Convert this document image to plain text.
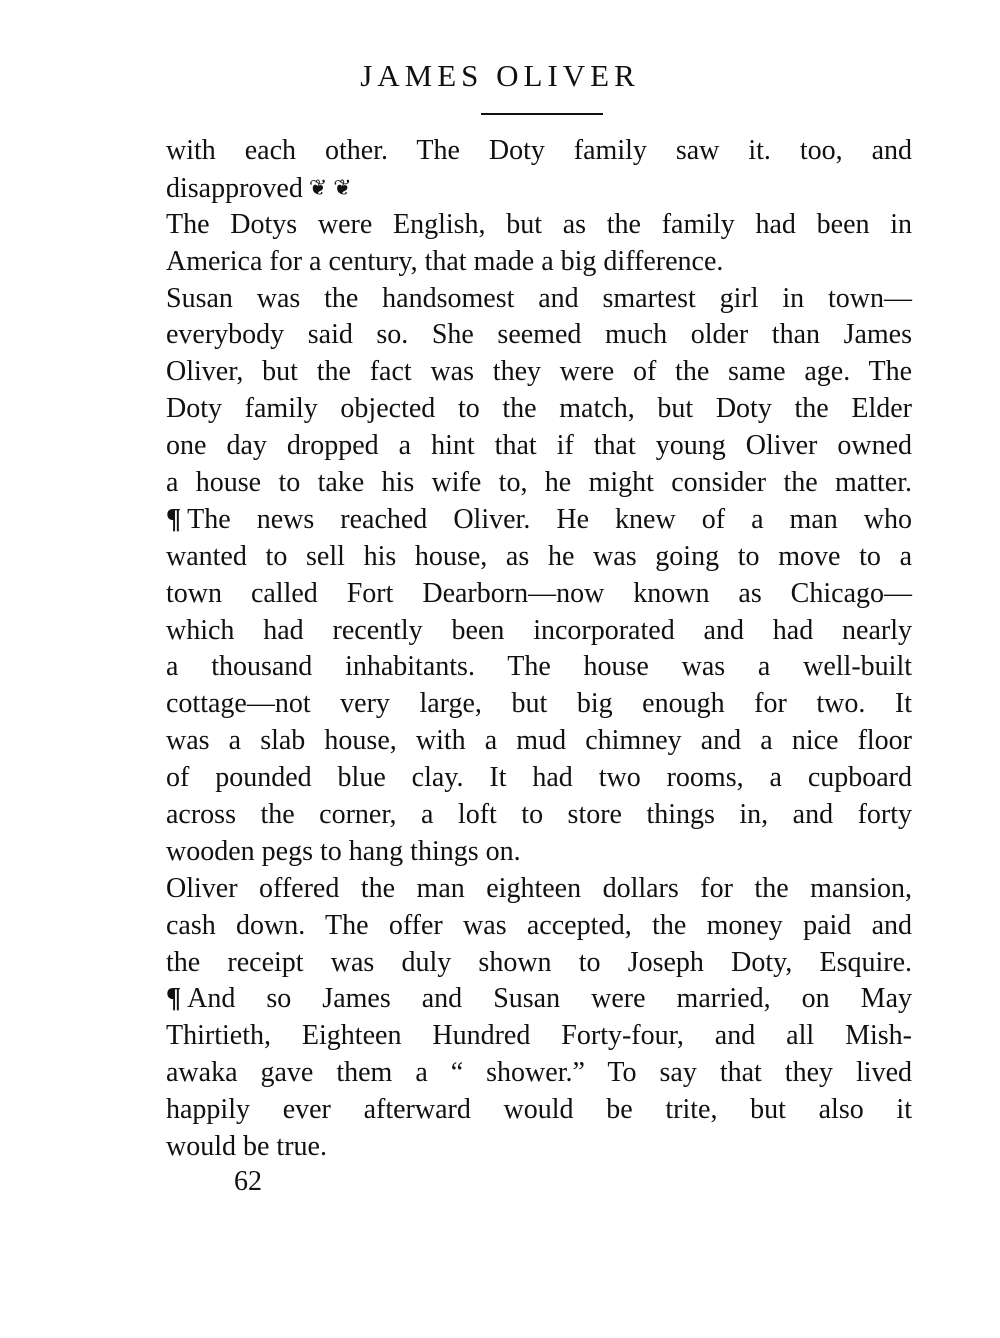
JAMES OLIVER
with each other. The Doty family saw it. too, and
disapproved ❦ ❦
The Dotys were English, but as the family had been in
America for a century, that made a big difference.
Susan was the handsomest and smartest girl in town—
everybody said so. She seemed much older than James
Oliver, but the fact was they were of the same age. The
Doty family objected to the match, but Doty the Elder
one day dropped a hint that if that young Oliver owned
a house to take his wife to, he might consider the matter.
¶ The news reached Oliver. He knew of a man who
wanted to sell his house, as he was going to move to a
town called Fort Dearborn—now known as Chicago—
which had recently been incorporated and had nearly
a thousand inhabitants. The house was a well-built
cottage—not very large, but big enough for two. It
was a slab house, with a mud chimney and a nice floor
of pounded blue clay. It had two rooms, a cupboard
across the corner, a loft to store things in, and forty
wooden pegs to hang things on.
Oliver offered the man eighteen dollars for the mansion,
cash down. The offer was accepted, the money paid and
the receipt was duly shown to Joseph Doty, Esquire.
¶ And so James and Susan were married, on May
Thirtieth, Eighteen Hundred Forty-four, and all Mish-
awaka gave them a “ shower.” To say that they lived
happily ever afterward would be trite, but also it
would be true.
62
